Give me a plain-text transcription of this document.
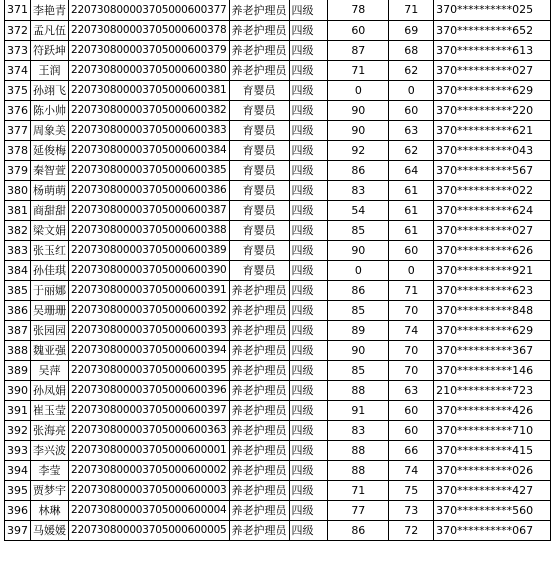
371	李艳青	220730800003705000600377	养老护理员	四级	78	71	370**********025
372	孟凡伍	220730800003705000600378	养老护理员	四级	60	69	370**********652
373	符跃坤	220730800003705000600379	养老护理员	四级	87	68	370**********613
374	王润	220730800003705000600380	养老护理员	四级	71	62	370**********027
375	孙翊飞	220730800003705000600381	育婴员	四级	0	0	370**********629
376	陈小帅	220730800003705000600382	育婴员	四级	90	60	370**********220
377	周象美	220730800003705000600383	育婴员	四级	90	63	370**********621
378	延俊梅	220730800003705000600384	育婴员	四级	92	62	370**********043
379	秦智萱	220730800003705000600385	育婴员	四级	86	64	370**********567
380	杨萌萌	220730800003705000600386	育婴员	四级	83	61	370**********022
381	商甜甜	220730800003705000600387	育婴员	四级	54	61	370**********624
382	梁文娟	220730800003705000600388	育婴员	四级	85	61	370**********027
383	张玉红	220730800003705000600389	育婴员	四级	90	60	370**********626
384	孙佳琪	220730800003705000600390	育婴员	四级	0	0	370**********921
385	于丽娜	220730800003705000600391	养老护理员	四级	86	71	370**********623
386	吴珊珊	220730800003705000600392	养老护理员	四级	85	70	370**********848
387	张园园	220730800003705000600393	养老护理员	四级	89	74	370**********629
388	魏亚强	220730800003705000600394	养老护理员	四级	90	70	370**********367
389	吴萍	220730800003705000600395	养老护理员	四级	85	70	370**********146
390	孙凤娟	220730800003705000600396	养老护理员	四级	88	63	210**********723
391	崔玉莹	220730800003705000600397	养老护理员	四级	91	60	370**********426
392	张海亮	220730800003705000600363	养老护理员	四级	83	60	370**********710
393	李兴波	220730800003705000600001	养老护理员	四级	88	66	370**********415
394	李莹	220730800003705000600002	养老护理员	四级	88	74	370**********026
395	贾梦宇	220730800003705000600003	养老护理员	四级	71	75	370**********427
396	林琳	220730800003705000600004	养老护理员	四级	77	73	370**********560
397	马媛媛	220730800003705000600005	养老护理员	四级	86	72	370**********067
